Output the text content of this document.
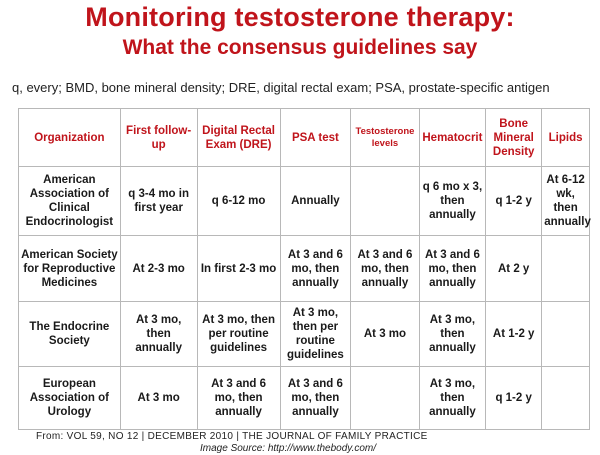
Monitoring testosterone therapy:
What the consensus guidelines say
q, every; BMD, bone mineral density; DRE, digital rectal exam; PSA, prostate-specific antigen
Organization	First follow-up	Digital Rectal Exam (DRE)	PSA test	Testosterone levels	Hematocrit	Bone Mineral Density	Lipids
American Association of Clinical Endocrinologist	q 3-4 mo in first year	q 6-12 mo	Annually		q 6 mo x 3, then annually	q 1-2 y	At 6-12 wk, then annually
American Society for Reproductive Medicines	At 2-3 mo	In first 2-3 mo	At 3 and 6 mo, then annually	At 3 and 6 mo, then annually	At 3 and 6 mo, then annually	At 2 y	
The Endocrine Society	At 3 mo, then annually	At 3 mo, then per routine guidelines	At 3 mo, then per routine guidelines	At 3 mo	At 3 mo, then annually	At 1-2 y	
European Association of Urology	At 3 mo	At 3 and 6 mo, then annually	At 3 and 6 mo, then annually		At 3 mo, then annually	q 1-2 y	
From: VOL 59, NO 12 | DECEMBER 2010 | THE JOURNAL OF FAMILY PRACTICE
Image Source: http://www.thebody.com/
